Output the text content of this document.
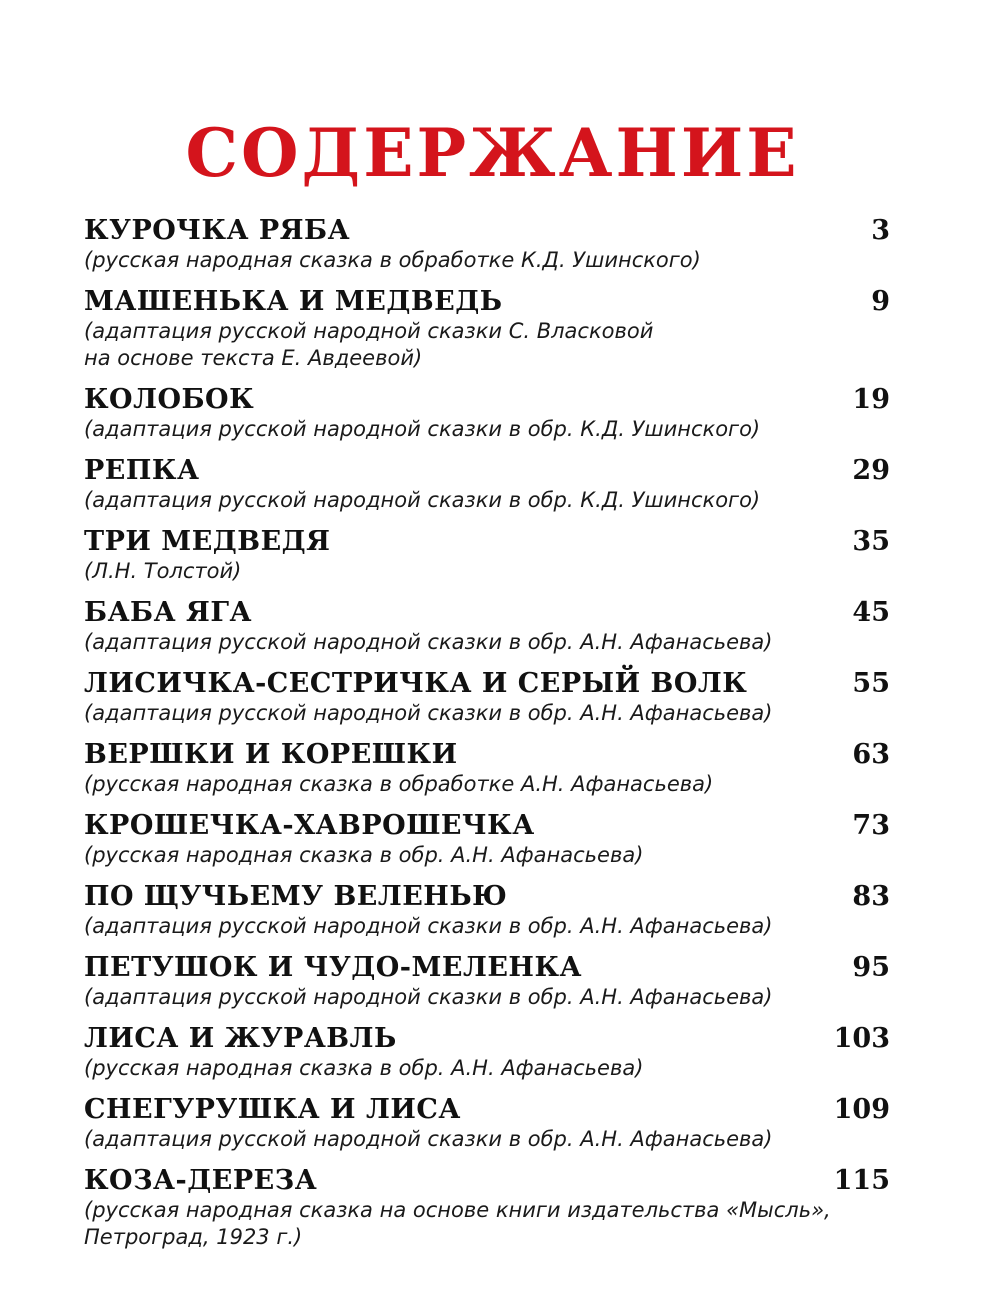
СОДЕРЖАНИЕ
КУРОЧКА РЯБА	3
(русская народная сказка в обработке К.Д. Ушинского)
МАШЕНЬКА И МЕДВЕДЬ	9
(адаптация русской народной сказки С. Власковой
на основе текста Е. Авдеевой)
КОЛОБОК	19
(адаптация русской народной сказки в обр. К.Д. Ушинского)
РЕПКА	29
(адаптация русской народной сказки в обр. К.Д. Ушинского)
ТРИ МЕДВЕДЯ	35
(Л.Н. Толстой)
БАБА ЯГА	45
(адаптация русской народной сказки в обр. А.Н. Афанасьева)
ЛИСИЧКА-СЕСТРИЧКА И СЕРЫЙ ВОЛК	55
(адаптация русской народной сказки в обр. А.Н. Афанасьева)
ВЕРШКИ И КОРЕШКИ	63
(русская народная сказка в обработке А.Н. Афанасьева)
КРОШЕЧКА-ХАВРОШЕЧКА	73
(русская народная сказка в обр. А.Н. Афанасьева)
ПО ЩУЧЬЕМУ ВЕЛЕНЬЮ	83
(адаптация русской народной сказки в обр. А.Н. Афанасьева)
ПЕТУШОК И ЧУДО-МЕЛЕНКА	95
(адаптация русской народной сказки в обр. А.Н. Афанасьева)
ЛИСА И ЖУРАВЛЬ	103
(русская народная сказка в обр. А.Н. Афанасьева)
СНЕГУРУШКА И ЛИСА	109
(адаптация русской народной сказки в обр. А.Н. Афанасьева)
КОЗА-ДЕРЕЗА	115
(русская народная сказка на основе книги издательства «Мысль»,
Петроград, 1923 г.)
